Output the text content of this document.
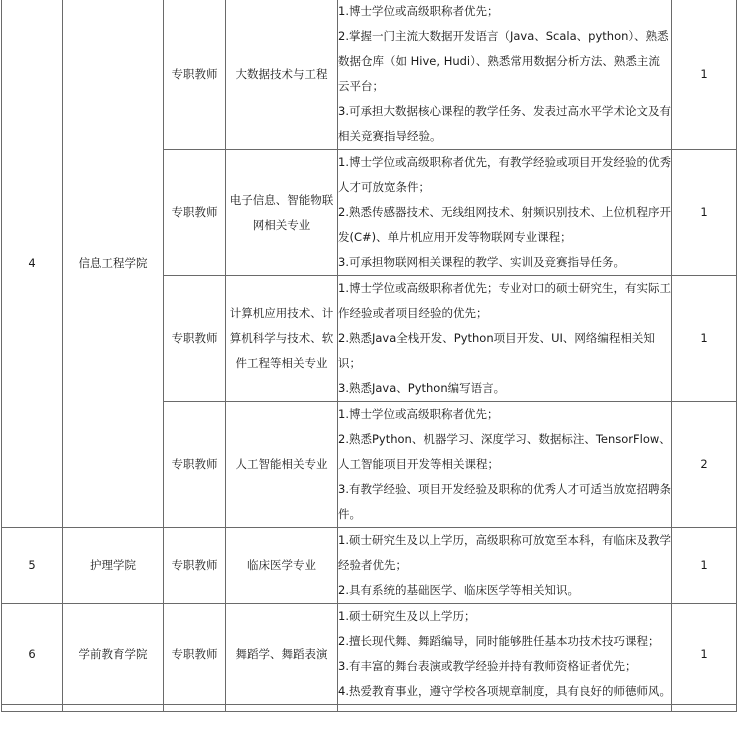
4	信息工程学院	专职教师	大数据技术与工程	1.博士学位或高级职称者优先；
2.掌握一门主流大数据开发语言（Java、Scala、python）、熟悉数据仓库（如 Hive, Hudi）、熟悉常用数据分析方法、熟悉主流云平台；
3.可承担大数据核心课程的教学任务、发表过高水平学术论文及有相关竞赛指导经验。	1
		专职教师	电子信息、智能物联网相关专业	1.博士学位或高级职称者优先，有教学经验或项目开发经验的优秀人才可放宽条件；
2.熟悉传感器技术、无线组网技术、射频识别技术、上位机程序开发(C#)、单片机应用开发等物联网专业课程；
3.可承担物联网相关课程的教学、实训及竞赛指导任务。	1
		专职教师	计算机应用技术、计算机科学与技术、软件工程等相关专业	1.博士学位或高级职称者优先；专业对口的硕士研究生，有实际工作经验或者项目经验的优先；
2.熟悉Java全栈开发、Python项目开发、UI、网络编程相关知识；
3.熟悉Java、Python编写语言。	1
		专职教师	人工智能相关专业	1.博士学位或高级职称者优先；
2.熟悉Python、机器学习、深度学习、数据标注、TensorFlow、人工智能项目开发等相关课程；
3.有教学经验、项目开发经验及职称的优秀人才可适当放宽招聘条件。	2
5	护理学院	专职教师	临床医学专业	1.硕士研究生及以上学历，高级职称可放宽至本科，有临床及教学经验者优先；
2.具有系统的基础医学、临床医学等相关知识。	1
6	学前教育学院	专职教师	舞蹈学、舞蹈表演	1.硕士研究生及以上学历；
2.擅长现代舞、舞蹈编导，同时能够胜任基本功技术技巧课程；
3.有丰富的舞台表演或教学经验并持有教师资格证者优先；
4.热爱教育事业，遵守学校各项规章制度，具有良好的师德师风。	1
